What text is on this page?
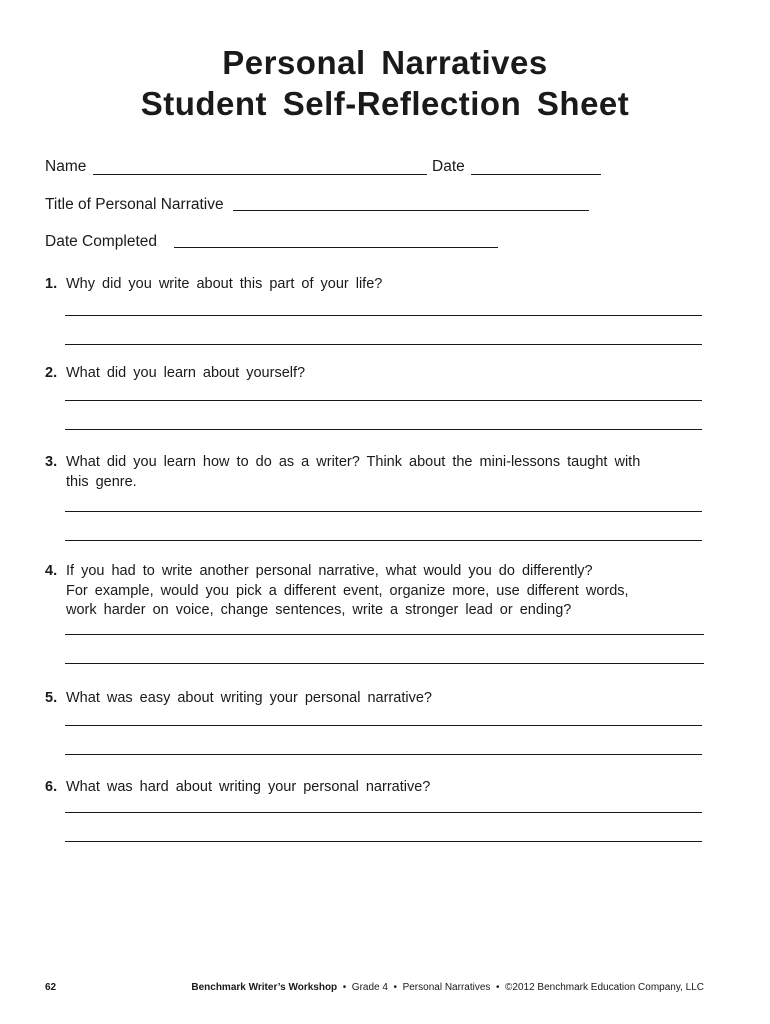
Personal Narratives
Student Self-Reflection Sheet
Name	Date
Title of Personal Narrative
Date Completed
1. Why did you write about this part of your life?
2. What did you learn about yourself?
3. What did you learn how to do as a writer? Think about the mini-lessons taught with
this genre.
4. If you had to write another personal narrative, what would you do differently?
For example, would you pick a different event, organize more, use different words,
work harder on voice, change sentences, write a stronger lead or ending?
5. What was easy about writing your personal narrative?
6. What was hard about writing your personal narrative?
62	Benchmark Writer’s Workshop • Grade 4 • Personal Narratives • ©2012 Benchmark Education Company, LLC
